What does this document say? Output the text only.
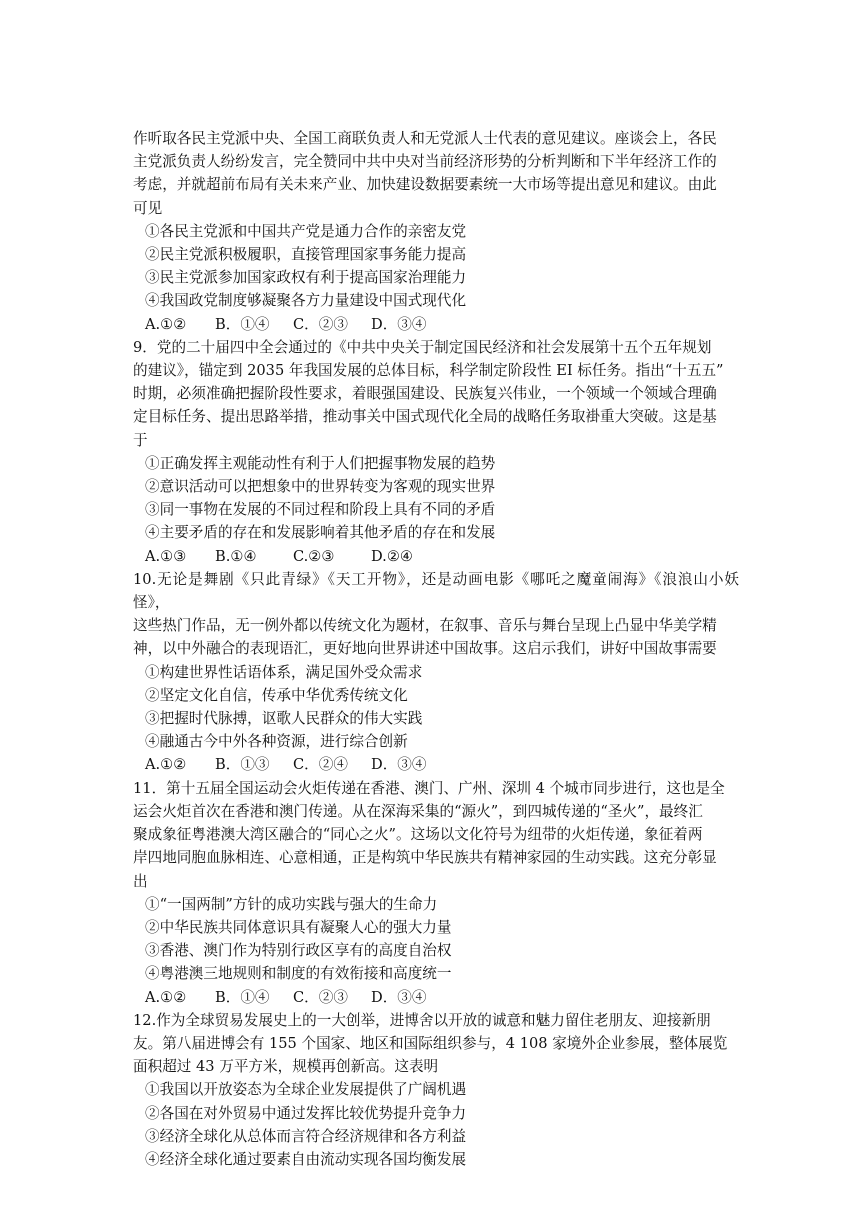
作听取各民主党派中央、全国工商联负责人和无党派人士代表的意见建议。座谈会上，各民
主党派负责人纷纷发言，完全赞同中共中央对当前经济形势的分析判断和下半年经济工作的
考虑，并就超前布局有关未来产业、加快建设数据要素统一大市场等提出意见和建议。由此
可见

①各民主党派和中国共产党是通力合作的亲密友党

②民主党派积极履职，直接管理国家事务能力提高

③民主党派参加国家政权有利于提高国家治理能力

④我国政党制度够凝聚各方力量建设中国式现代化

A.①② B．①④ C．②③ D．③④

9．党的二十届四中全会通过的《中共中央关于制定国民经济和社会发展第十五个五年规划
的建议》，锚定到 2035 年我国发展的总体目标，科学制定阶段性 EI 标任务。指出“十五五”
时期，必须准确把握阶段性要求，着眼强国建设、民族复兴伟业，一个领域一个领域合理确
定目标任务、提出思路举措，推动事关中国式现代化全局的战略任务取褂重大突破。这是基
于

①正确发挥主观能动性有利于人们把握事物发展的趋势

②意识活动可以把想象中的世界转变为客观的现实世界

③同一事物在发展的不同过程和阶段上具有不同的矛盾

④主要矛盾的存在和发展影响着其他矛盾的存在和发展

A.①③ B.①④ C.②③	D.②④

10.无论是舞剧《只此青绿》《天工开物》，还是动画电影《哪吒之魔童闹海》《浪浪山小妖怪》，
这些热门作品，无一例外都以传统文化为题材，在叙事、音乐与舞台呈现上凸显中华美学精
神，以中外融合的表现语汇，更好地向世界讲述中国故事。这启示我们，讲好中国故事需要

①构建世界性话语体系，满足国外受众需求

②坚定文化自信，传承中华优秀传统文化

③把握时代脉搏，讴歌人民群众的伟大实践

④融通古今中外各种资源，进行综合创新

A.①② B．①③ C．②④ D．③④

11．第十五届全国运动会火炬传递在香港、澳门、广州、深圳 4 个城市同步进行，这也是全
运会火炬首次在香港和澳门传递。从在深海采集的“源火”，到四城传递的“圣火”，最终汇
聚成象征粤港澳大湾区融合的“同心之火”。这场以文化符号为纽带的火炬传递，象征着两
岸四地同胞血脉相连、心意相通，正是构筑中华民族共有精神家园的生动实践。这充分彰显
出

①“一国两制”方针的成功实践与强大的生命力

②中华民族共同体意识具有凝聚人心的强大力量

③香港、澳门作为特别行政区享有的高度自治权

④粤港澳三地规则和制度的有效衔接和高度统一

A.①② B．①④ C．②③ D．③④

12.作为全球贸易发展史上的一大创举，进博舍以开放的诚意和魅力留住老朋友、迎接新朋
友。第八届进博会有 155 个国家、地区和国际组织参与，4 108 家境外企业参展，整体展览
面积超过 43 万平方米，规模再创新高。这表明

①我国以开放姿态为全球企业发展提供了广阔机遇

②各国在对外贸易中通过发挥比较优势提升竞争力

③经济全球化从总体而言符合经济规律和各方利益

④经济全球化通过要素自由流动实现各国均衡发展
